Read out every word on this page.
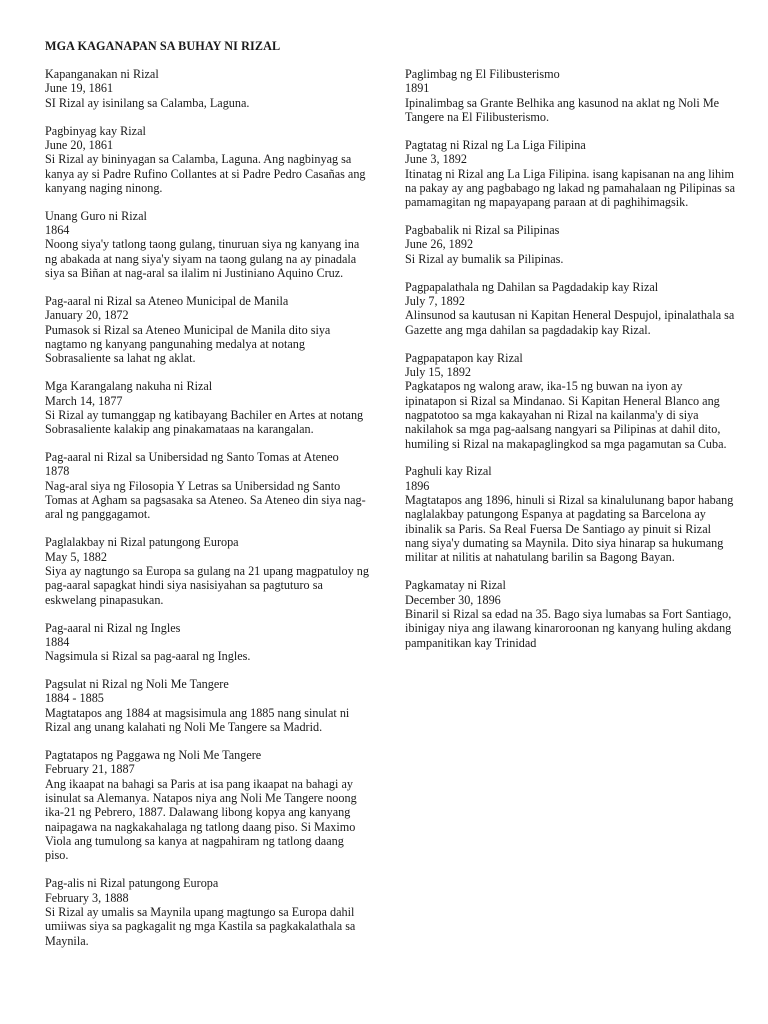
MGA KAGANAPAN SA BUHAY NI RIZAL
Kapanganakan ni Rizal
June 19, 1861
SI Rizal ay isinilang sa Calamba, Laguna.
Pagbinyag kay Rizal
June 20, 1861
Si Rizal ay bininyagan sa Calamba, Laguna. Ang nagbinyag sa kanya ay si Padre Rufino Collantes at si Padre Pedro Casañas ang kanyang naging ninong.
Unang Guro ni Rizal
1864
Noong siya'y tatlong taong gulang, tinuruan siya ng kanyang ina ng abakada at nang siya'y siyam na taong gulang na ay pinadala siya sa Biñan at nag-aral sa ilalim ni Justiniano Aquino Cruz.
Pag-aaral ni Rizal sa Ateneo Municipal de Manila
January 20, 1872
Pumasok si Rizal sa Ateneo Municipal de Manila dito siya nagtamo ng kanyang pangunahing medalya at notang Sobrasaliente sa lahat ng aklat.
Mga Karangalang nakuha ni Rizal
March 14, 1877
Si Rizal ay tumanggap ng katibayang Bachiler en Artes at notang Sobrasaliente kalakip ang pinakamataas na karangalan.
Pag-aaral ni Rizal sa Unibersidad ng Santo Tomas at Ateneo
1878
Nag-aral siya ng Filosopia Y Letras sa Unibersidad ng Santo Tomas at Agham sa pagsasaka sa Ateneo. Sa Ateneo din siya nag-aral ng panggagamot.
Paglalakbay ni Rizal patungong Europa
May 5, 1882
Siya ay nagtungo sa Europa sa gulang na 21 upang magpatuloy ng pag-aaral sapagkat hindi siya nasisiyahan sa pagtuturo sa eskwelang pinapasukan.
Pag-aaral ni Rizal ng Ingles
1884
Nagsimula si Rizal sa pag-aaral ng Ingles.
Pagsulat ni Rizal ng Noli Me Tangere
1884 - 1885
Magtatapos ang 1884 at magsisimula ang 1885 nang sinulat ni Rizal ang unang kalahati ng Noli Me Tangere sa Madrid.
Pagtatapos ng Paggawa ng Noli Me Tangere
February 21, 1887
Ang ikaapat na bahagi sa Paris at isa pang ikaapat na bahagi ay isinulat sa Alemanya. Natapos niya ang Noli Me Tangere noong ika-21 ng Pebrero, 1887. Dalawang libong kopya ang kanyang naipagawa na nagkakahalaga ng tatlong daang piso. Si Maximo Viola ang tumulong sa kanya at nagpahiram ng tatlong daang piso.
Pag-alis ni Rizal patungong Europa
February 3, 1888
Si Rizal ay umalis sa Maynila upang magtungo sa Europa dahil umiiwas siya sa pagkagalit ng mga Kastila sa pagkakalathala sa Maynila.
Paglimbag ng El Filibusterismo
1891
Ipinalimbag sa Grante Belhika ang kasunod na aklat ng Noli Me Tangere na El Filibusterismo.
Pagtatag ni Rizal ng La Liga Filipina
June 3, 1892
Itinatag ni Rizal ang La Liga Filipina. isang kapisanan na ang lihim na pakay ay ang pagbabago ng lakad ng pamahalaan ng Pilipinas sa pamamagitan ng mapayapang paraan at di paghihimagsik.
Pagbabalik ni Rizal sa Pilipinas
June 26, 1892
Si Rizal ay bumalik sa Pilipinas.
Pagpapalathala ng Dahilan sa Pagdadakip kay Rizal
July 7, 1892
Alinsunod sa kautusan ni Kapitan Heneral Despujol, ipinalathala sa Gazette ang mga dahilan sa pagdadakip kay Rizal.
Pagpapatapon kay Rizal
July 15, 1892
Pagkatapos ng walong araw, ika-15 ng buwan na iyon ay ipinatapon si Rizal sa Mindanao. Si Kapitan Heneral Blanco ang nagpatotoo sa mga kakayahan ni Rizal na kailanma'y di siya nakilahok sa mga pag-aalsang nangyari sa Pilipinas at dahil dito, humiling si Rizal na makapaglingkod sa mga pagamutan sa Cuba.
Paghuli kay Rizal
1896
Magtatapos ang 1896, hinuli si Rizal sa kinalulunang bapor habang naglalakbay patungong Espanya at pagdating sa Barcelona ay ibinalik sa Paris. Sa Real Fuersa De Santiago ay pinuit si Rizal nang siya'y dumating sa Maynila. Dito siya hinarap sa hukumang militar at nilitis at nahatulang barilin sa Bagong Bayan.
Pagkamatay ni Rizal
December 30, 1896
Binaril si Rizal sa edad na 35. Bago siya lumabas sa Fort Santiago, ibinigay niya ang ilawang kinaroroonan ng kanyang huling akdang pampanitikan kay Trinidad
